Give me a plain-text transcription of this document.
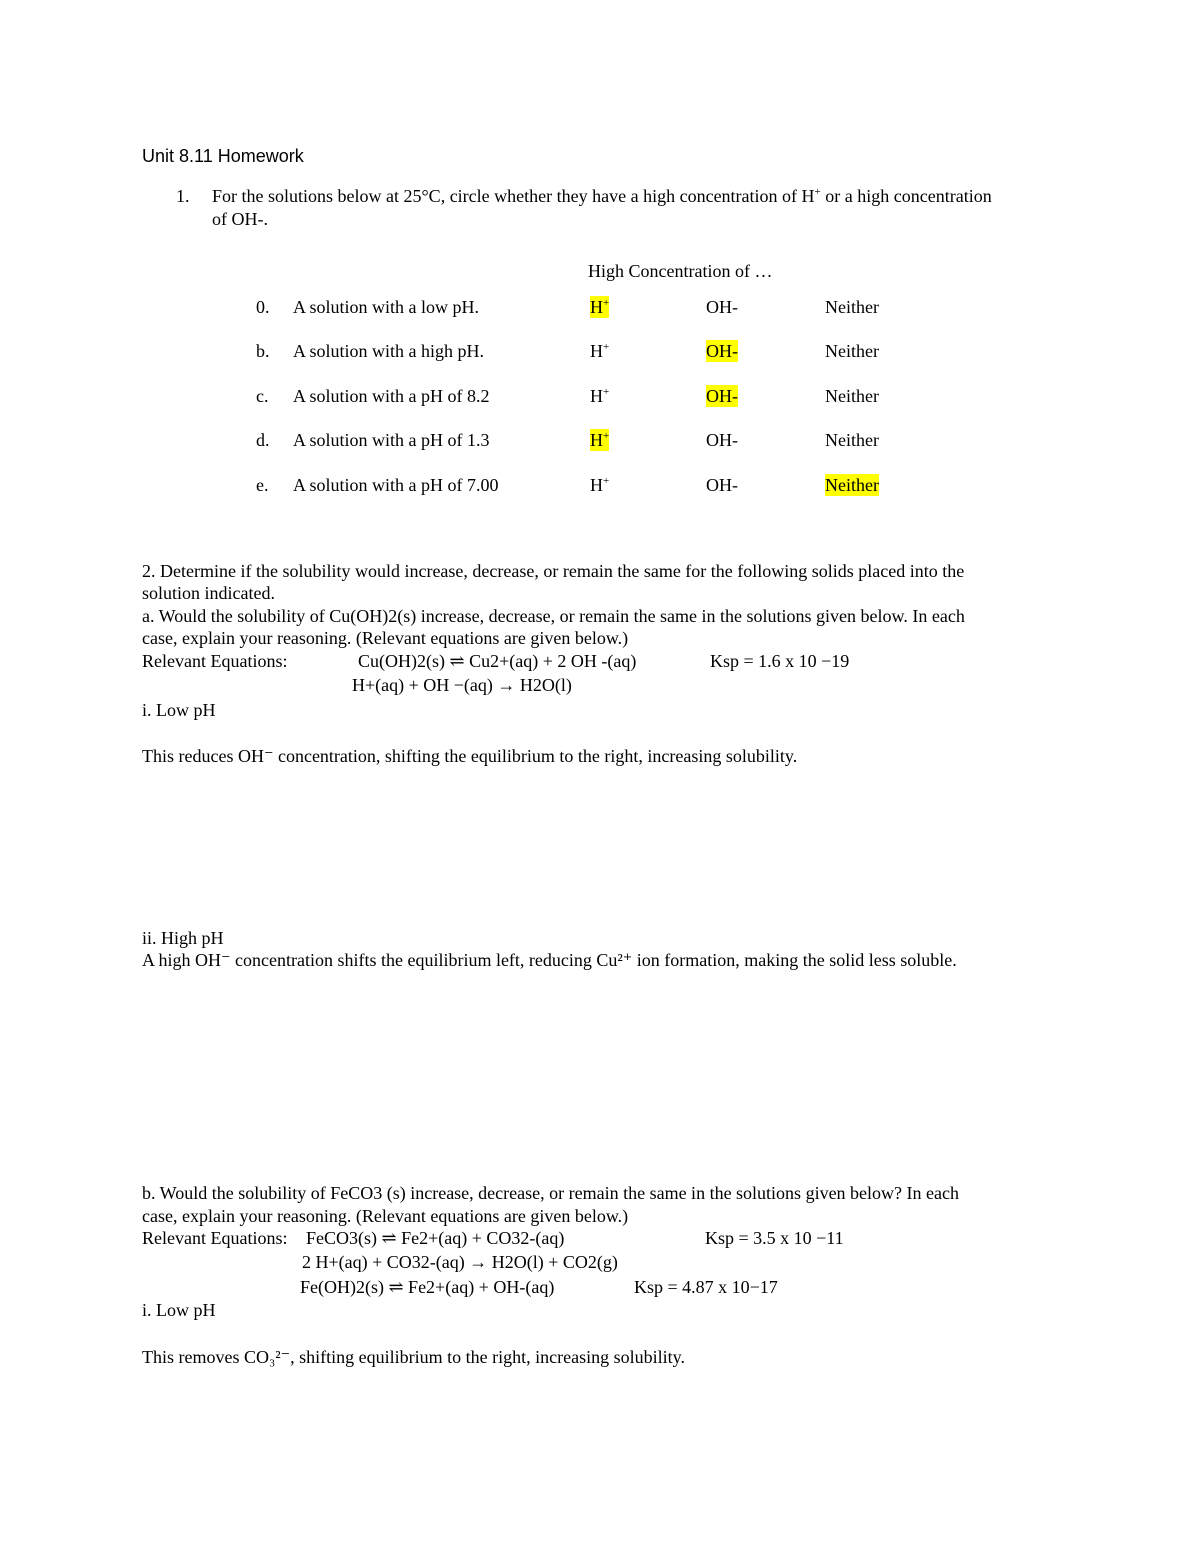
Unit 8.11 Homework
1. For the solutions below at 25°C, circle whether they have a high concentration of H+ or a high concentration
of OH-.
High Concentration of …
0. A solution with a low pH.	H+	OH-	Neither
b. A solution with a high pH.	H+	OH-	Neither
c. A solution with a pH of 8.2	H+	OH-	Neither
d. A solution with a pH of 1.3	H+	OH-	Neither
e. A solution with a pH of 7.00	H+	OH-	Neither
2. Determine if the solubility would increase, decrease, or remain the same for the following solids placed into the
solution indicated.
a. Would the solubility of Cu(OH)2(s) increase, decrease, or remain the same in the solutions given below. In each
case, explain your reasoning. (Relevant equations are given below.)
Relevant Equations:	Cu(OH)2(s) ⇌ Cu2+(aq) + 2 OH -(aq)	Ksp = 1.6 x 10 −19
H+(aq) + OH −(aq) → H2O(l)
i. Low pH
This reduces OH⁻ concentration, shifting the equilibrium to the right, increasing solubility.
ii. High pH
A high OH⁻ concentration shifts the equilibrium left, reducing Cu²⁺ ion formation, making the solid less soluble.
b. Would the solubility of FeCO3 (s) increase, decrease, or remain the same in the solutions given below? In each
case, explain your reasoning. (Relevant equations are given below.)
Relevant Equations: FeCO3(s) ⇌ Fe2+(aq) + CO32-(aq)	Ksp = 3.5 x 10 −11
2 H+(aq) + CO32-(aq) → H2O(l) + CO2(g)
Fe(OH)2(s) ⇌ Fe2+(aq) + OH-(aq)	Ksp = 4.87 x 10−17
i. Low pH
This removes CO₃²⁻, shifting equilibrium to the right, increasing solubility.
